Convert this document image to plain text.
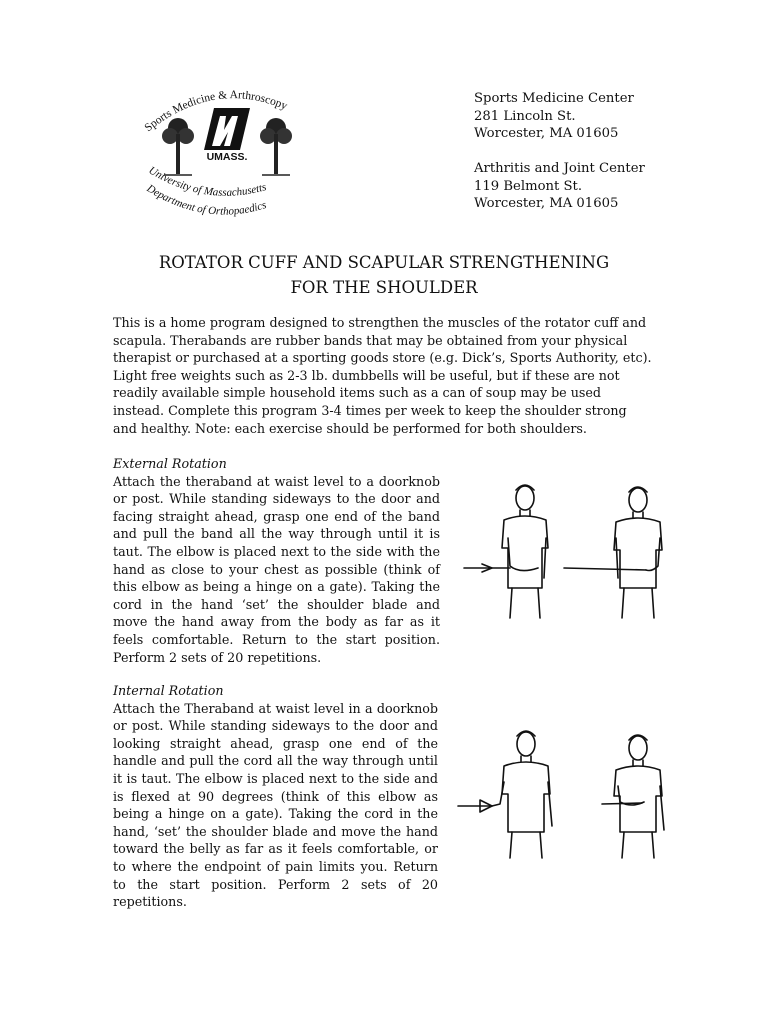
Sports Medicine & Arthroscopy
UMASS.
University of Massachusetts
Department of Orthopaedics
Sports Medicine Center
281 Lincoln St.
Worcester, MA 01605
Arthritis and Joint Center
119 Belmont St.
Worcester, MA 01605
ROTATOR CUFF AND SCAPULAR STRENGTHENING
FOR THE SHOULDER
This is a home program designed to strengthen the muscles of the rotator cuff and scapula. Therabands are rubber bands that may be obtained from your physical therapist or purchased at a sporting goods store (e.g. Dick’s, Sports Authority, etc). Light free weights such as 2-3 lb. dumbbells will be useful, but if these are not readily available simple household items such as a can of soup may be used instead. Complete this program 3-4 times per week to keep the shoulder strong and healthy. Note: each exercise should be performed for both shoulders.
External Rotation
Attach the theraband at waist level to a doorknob or post. While standing sideways to the door and facing straight ahead, grasp one end of the band and pull the band all the way through until it is taut. The elbow is placed next to the side with the hand as close to your chest as possible (think of this elbow as being a hinge on a gate). Taking the cord in the hand ‘set’ the shoulder blade and move the hand away from the body as far as it feels comfortable. Return to the start position. Perform 2 sets of 20 repetitions.
Internal Rotation
Attach the Theraband at waist level in a doorknob or post. While standing sideways to the door and looking straight ahead, grasp one end of the handle and pull the cord all the way through until it is taut. The elbow is placed next to the side and is flexed at 90 degrees (think of this elbow as being a hinge on a gate). Taking the cord in the hand, ‘set’ the shoulder blade and move the hand toward the belly as far as it feels comfortable, or to where the endpoint of pain limits you. Return to the start position. Perform 2 sets of 20 repetitions.
